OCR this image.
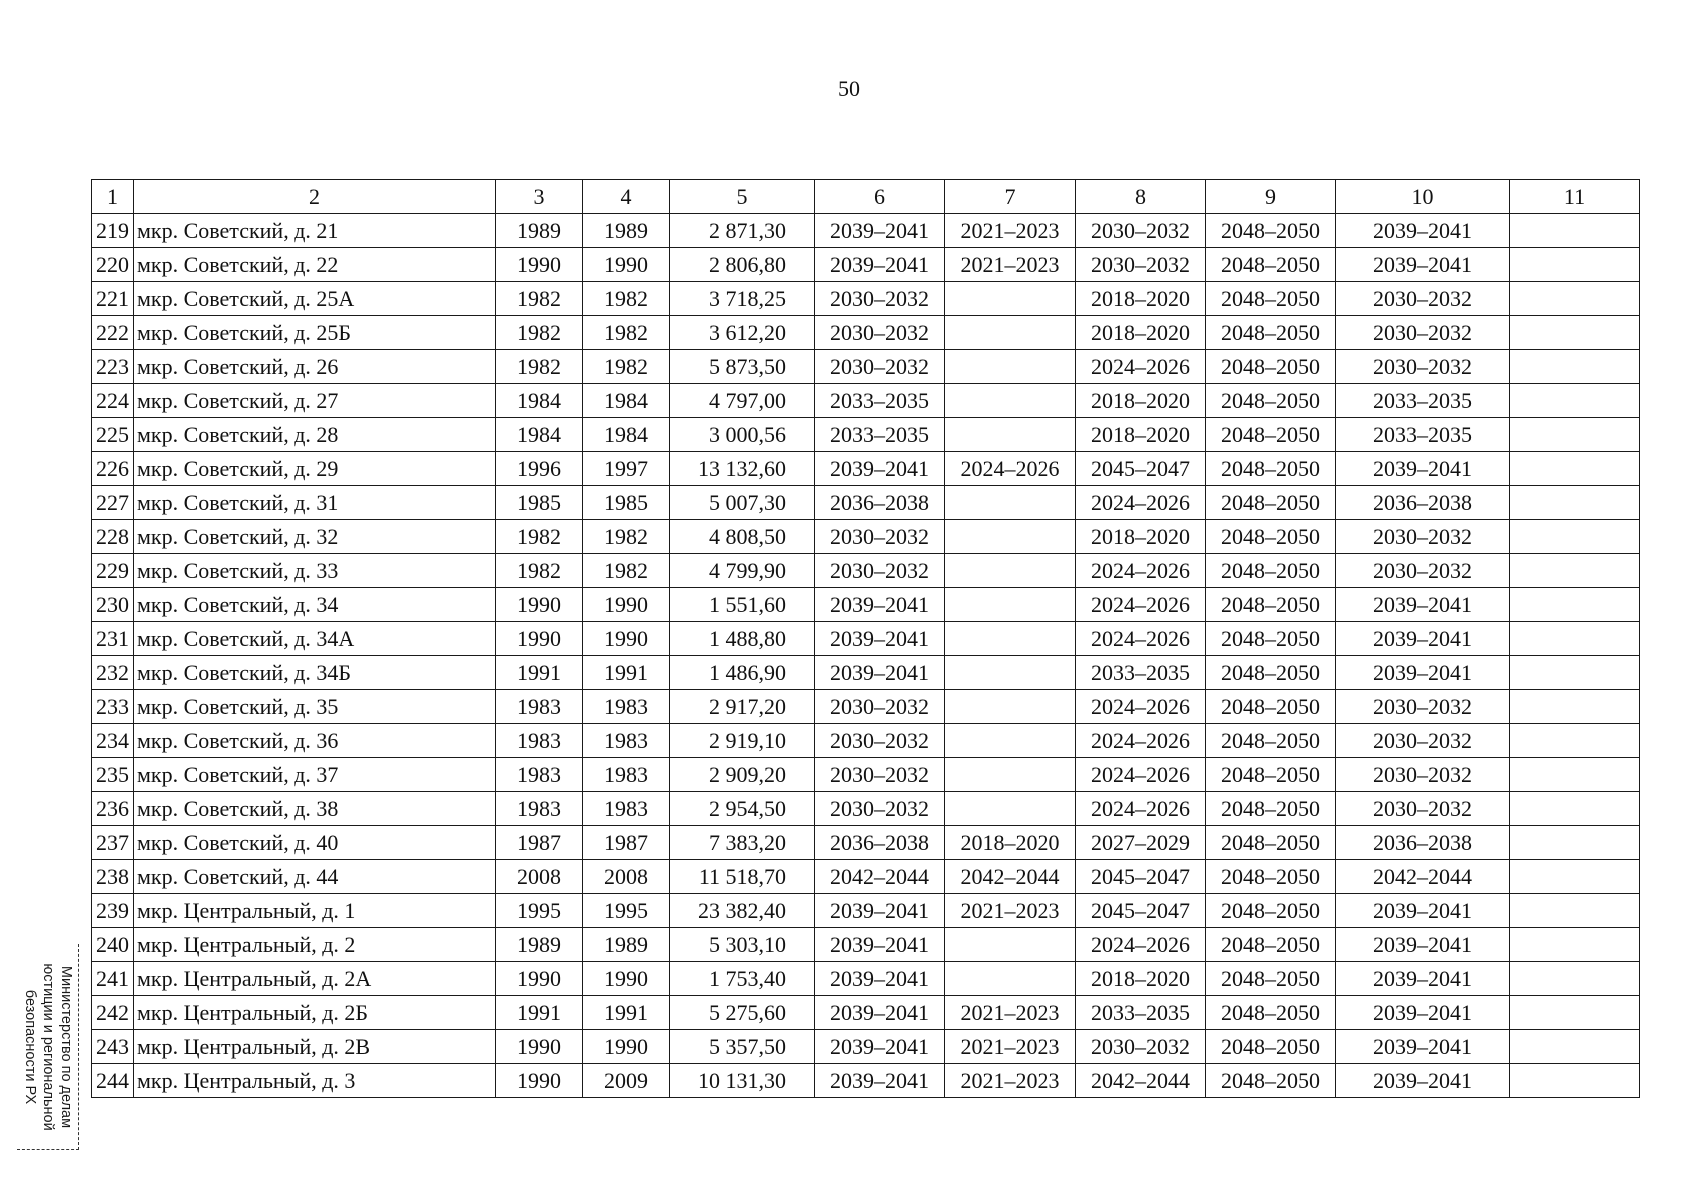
50
1	2	3	4	5	6	7	8	9	10	11
219	мкр. Советский, д. 21	1989	1989	2 871,30	2039–2041	2021–2023	2030–2032	2048–2050	2039–2041	
220	мкр. Советский, д. 22	1990	1990	2 806,80	2039–2041	2021–2023	2030–2032	2048–2050	2039–2041	
221	мкр. Советский, д. 25А	1982	1982	3 718,25	2030–2032		2018–2020	2048–2050	2030–2032	
222	мкр. Советский, д. 25Б	1982	1982	3 612,20	2030–2032		2018–2020	2048–2050	2030–2032	
223	мкр. Советский, д. 26	1982	1982	5 873,50	2030–2032		2024–2026	2048–2050	2030–2032	
224	мкр. Советский, д. 27	1984	1984	4 797,00	2033–2035		2018–2020	2048–2050	2033–2035	
225	мкр. Советский, д. 28	1984	1984	3 000,56	2033–2035		2018–2020	2048–2050	2033–2035	
226	мкр. Советский, д. 29	1996	1997	13 132,60	2039–2041	2024–2026	2045–2047	2048–2050	2039–2041	
227	мкр. Советский, д. 31	1985	1985	5 007,30	2036–2038		2024–2026	2048–2050	2036–2038	
228	мкр. Советский, д. 32	1982	1982	4 808,50	2030–2032		2018–2020	2048–2050	2030–2032	
229	мкр. Советский, д. 33	1982	1982	4 799,90	2030–2032		2024–2026	2048–2050	2030–2032	
230	мкр. Советский, д. 34	1990	1990	1 551,60	2039–2041		2024–2026	2048–2050	2039–2041	
231	мкр. Советский, д. 34А	1990	1990	1 488,80	2039–2041		2024–2026	2048–2050	2039–2041	
232	мкр. Советский, д. 34Б	1991	1991	1 486,90	2039–2041		2033–2035	2048–2050	2039–2041	
233	мкр. Советский, д. 35	1983	1983	2 917,20	2030–2032		2024–2026	2048–2050	2030–2032	
234	мкр. Советский, д. 36	1983	1983	2 919,10	2030–2032		2024–2026	2048–2050	2030–2032	
235	мкр. Советский, д. 37	1983	1983	2 909,20	2030–2032		2024–2026	2048–2050	2030–2032	
236	мкр. Советский, д. 38	1983	1983	2 954,50	2030–2032		2024–2026	2048–2050	2030–2032	
237	мкр. Советский, д. 40	1987	1987	7 383,20	2036–2038	2018–2020	2027–2029	2048–2050	2036–2038	
238	мкр. Советский, д. 44	2008	2008	11 518,70	2042–2044	2042–2044	2045–2047	2048–2050	2042–2044	
239	мкр. Центральный, д. 1	1995	1995	23 382,40	2039–2041	2021–2023	2045–2047	2048–2050	2039–2041	
240	мкр. Центральный, д. 2	1989	1989	5 303,10	2039–2041		2024–2026	2048–2050	2039–2041	
241	мкр. Центральный, д. 2А	1990	1990	1 753,40	2039–2041		2018–2020	2048–2050	2039–2041	
242	мкр. Центральный, д. 2Б	1991	1991	5 275,60	2039–2041	2021–2023	2033–2035	2048–2050	2039–2041	
243	мкр. Центральный, д. 2В	1990	1990	5 357,50	2039–2041	2021–2023	2030–2032	2048–2050	2039–2041	
244	мкр. Центральный, д. 3	1990	2009	10 131,30	2039–2041	2021–2023	2042–2044	2048–2050	2039–2041	
Министерство по делам
юстиции и региональной
безопасности РХ
